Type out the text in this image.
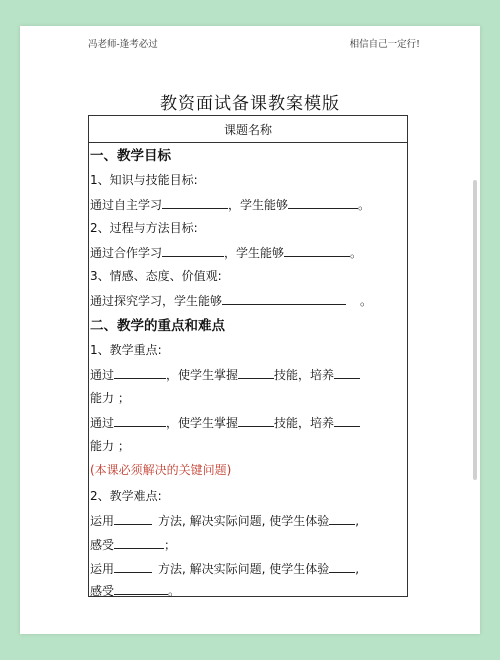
冯老师-逢考必过	相信自己一定行!
教资面试备课教案模版
课题名称
一、教学目标
1、知识与技能目标:
通过自主学习	，学生能够	。
2、过程与方法目标:
通过合作学习	，学生能够	。
3、情感、态度、价值观:
通过探究学习，学生能够	。
二、教学的重点和难点
1、教学重点:
通过	，使学生掌握	技能，培养
能力 ；
通过	，使学生掌握	技能，培养
能力 ；
(本课必须解决的关键问题)
2、教学难点:
运用	方法, 解决实际问题, 使学生体验 ,
感受	；
运用	方法, 解决实际问题, 使学生体验 ,
感受	。
